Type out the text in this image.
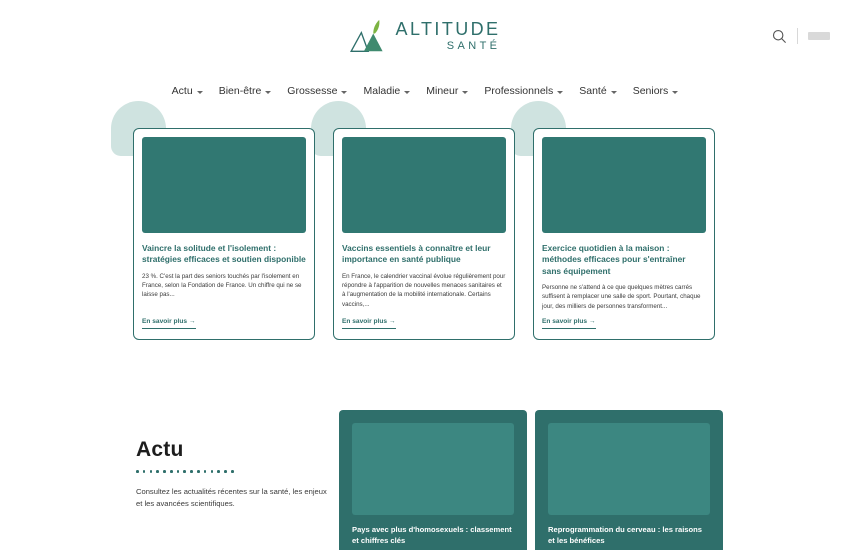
ALTITUDE
SANTÉ
Actu Bien-être Grossesse Maladie Mineur Professionnels Santé Seniors
Vaincre la solitude et l'isolement : stratégies efficaces et soutien disponible
23 %. C'est la part des seniors touchés par l'isolement en France, selon la Fondation de France. Un chiffre qui ne se laisse pas...
En savoir plus →
Vaccins essentiels à connaître et leur importance en santé publique
En France, le calendrier vaccinal évolue régulièrement pour répondre à l'apparition de nouvelles menaces sanitaires et à l'augmentation de la mobilité internationale. Certains vaccins,...
En savoir plus →
Exercice quotidien à la maison : méthodes efficaces pour s'entraîner sans équipement
Personne ne s'attend à ce que quelques mètres carrés suffisent à remplacer une salle de sport. Pourtant, chaque jour, des milliers de personnes transforment...
En savoir plus →
Actu
Consultez les actualités récentes sur la santé, les enjeux et les avancées scientifiques.
Pays avec plus d'homosexuels : classement et chiffres clés
Reprogrammation du cerveau : les raisons et les bénéfices
